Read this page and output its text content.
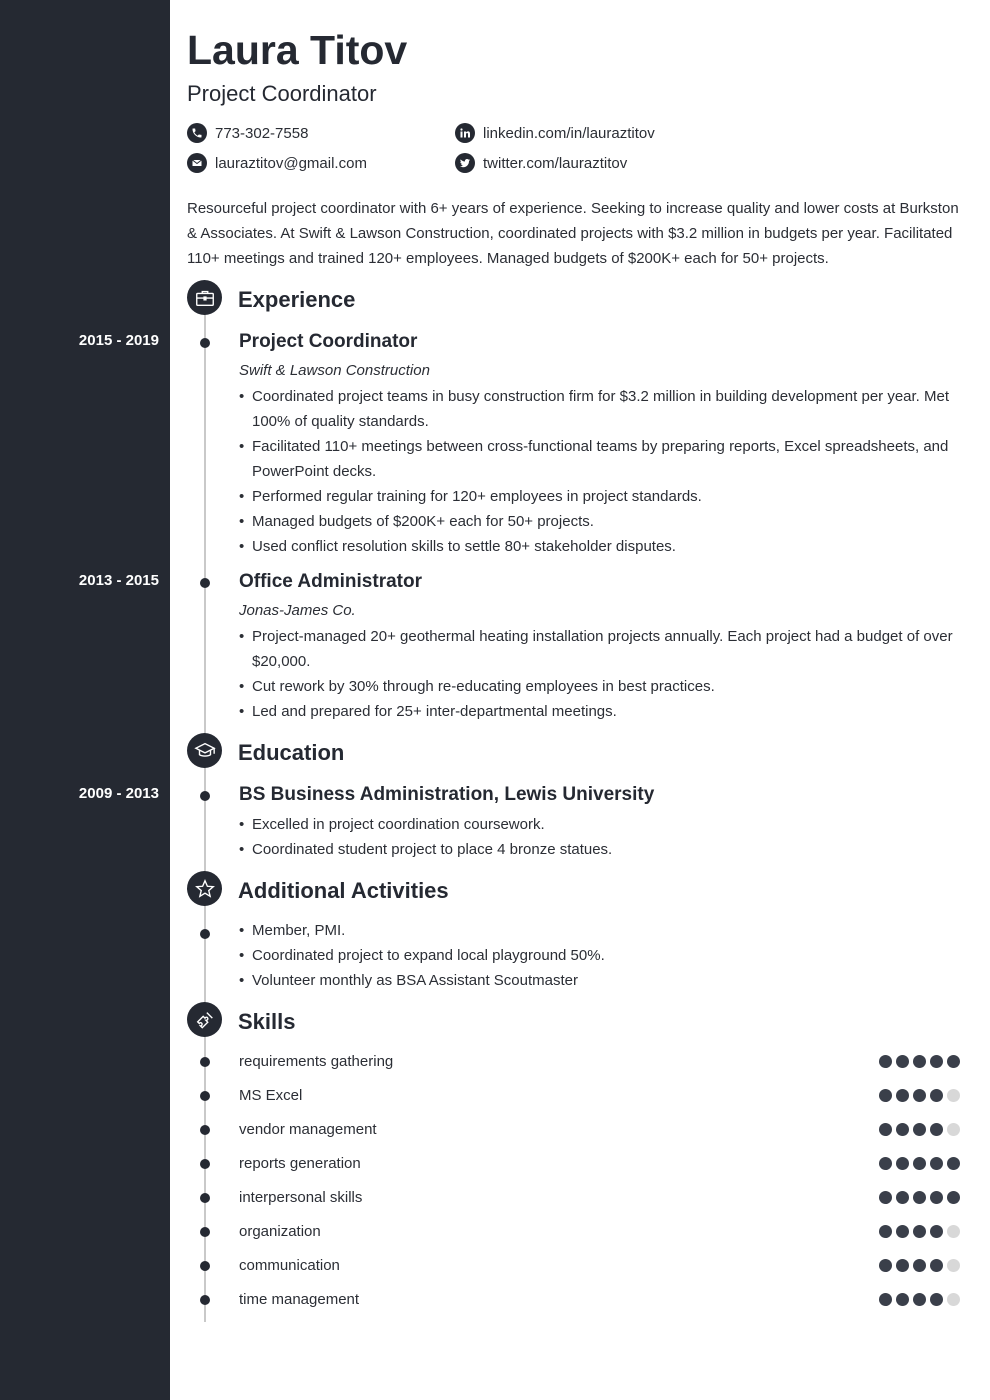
Laura Titov
Project Coordinator
773-302-7558
lauraztitov@gmail.com
linkedin.com/in/lauraztitov
twitter.com/lauraztitov

Resourceful project coordinator with 6+ years of experience. Seeking to increase quality and lower costs at Burkston & Associates. At Swift & Lawson Construction, coordinated projects with $3.2 million in budgets per year. Facilitated 110+ meetings and trained 120+ employees. Managed budgets of $200K+ each for 50+ projects.

Experience
2015 - 2019	Project Coordinator
Swift & Lawson Construction
• Coordinated project teams in busy construction firm for $3.2 million in building development per year. Met 100% of quality standards.
• Facilitated 110+ meetings between cross-functional teams by preparing reports, Excel spreadsheets, and PowerPoint decks.
• Performed regular training for 120+ employees in project standards.
• Managed budgets of $200K+ each for 50+ projects.
• Used conflict resolution skills to settle 80+ stakeholder disputes.
2013 - 2015	Office Administrator
Jonas-James Co.
• Project-managed 20+ geothermal heating installation projects annually. Each project had a budget of over $20,000.
• Cut rework by 30% through re-educating employees in best practices.
• Led and prepared for 25+ inter-departmental meetings.
Education
2009 - 2013	BS Business Administration, Lewis University
• Excelled in project coordination coursework.
• Coordinated student project to place 4 bronze statues.
Additional Activities
• Member, PMI.
• Coordinated project to expand local playground 50%.
• Volunteer monthly as BSA Assistant Scoutmaster
Skills
requirements gathering
MS Excel
vendor management
reports generation
interpersonal skills
organization
communication
time management
